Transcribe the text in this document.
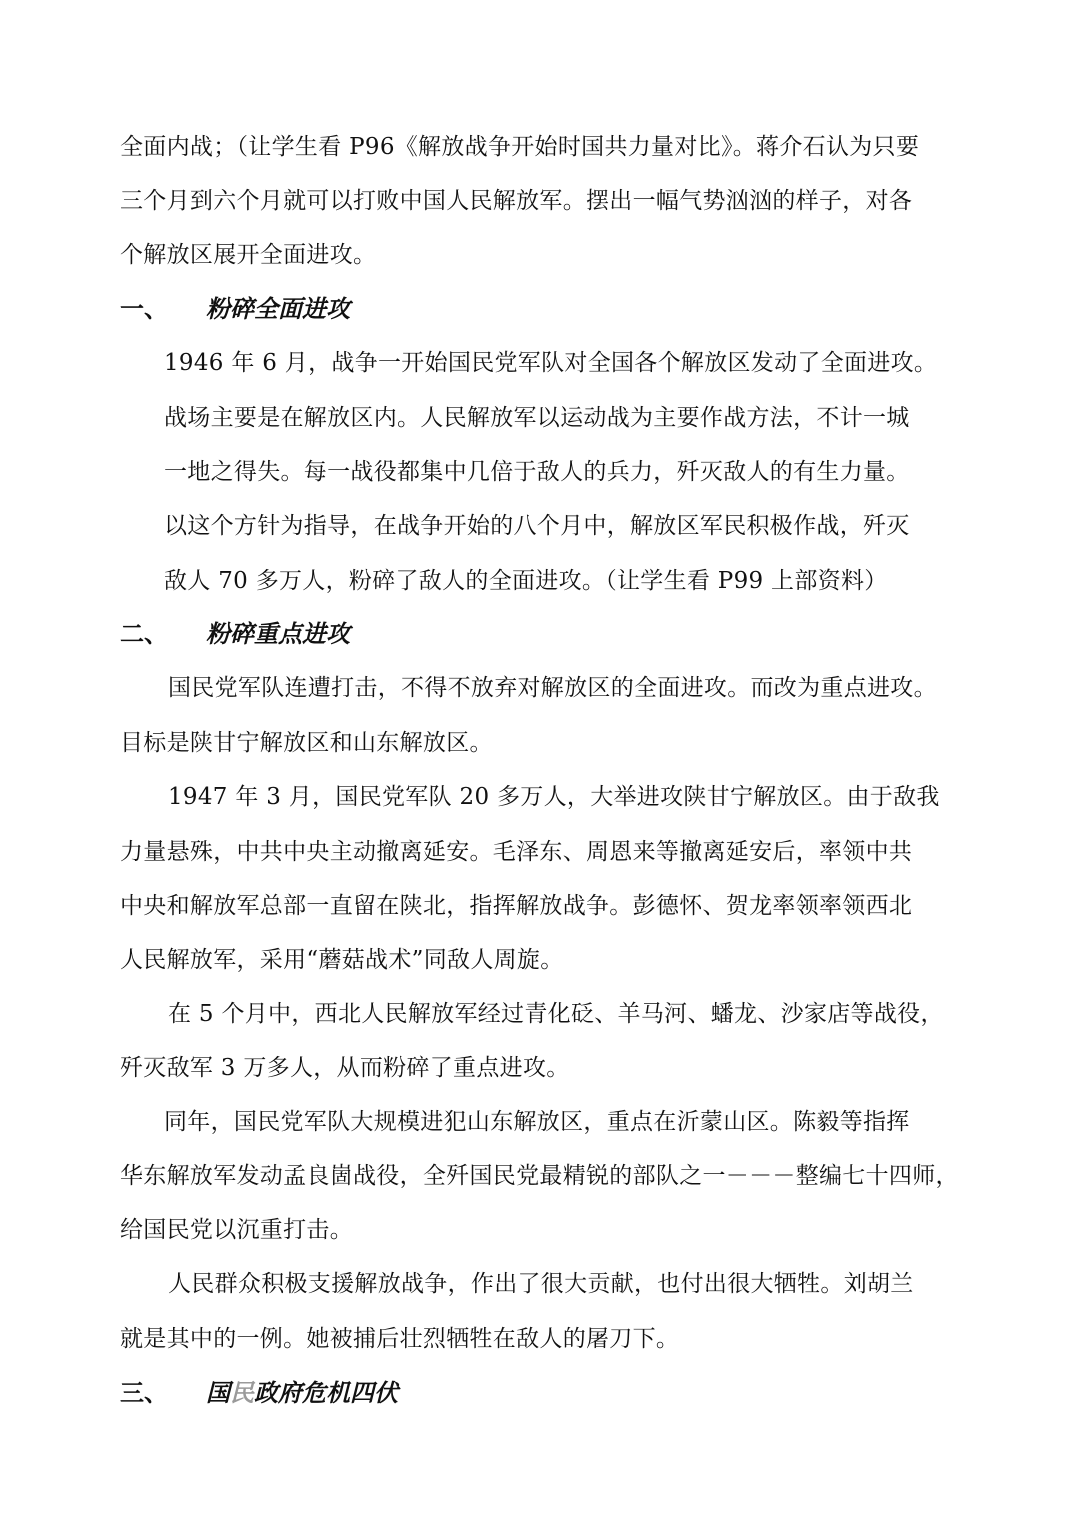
全面内战；（让学生看 P96《解放战争开始时国共力量对比》。蒋介石认为只要
三个月到六个月就可以打败中国人民解放军。摆出一幅气势汹汹的样子，对各
个解放区展开全面进攻。
一、 粉碎全面进攻
1946 年 6 月，战争一开始国民党军队对全国各个解放区发动了全面进攻。
战场主要是在解放区内。人民解放军以运动战为主要作战方法，不计一城
一地之得失。每一战役都集中几倍于敌人的兵力，歼灭敌人的有生力量。
以这个方针为指导，在战争开始的八个月中，解放区军民积极作战，歼灭
敌人 70 多万人，粉碎了敌人的全面进攻。（让学生看 P99 上部资料）
二、 粉碎重点进攻
国民党军队连遭打击，不得不放弃对解放区的全面进攻。而改为重点进攻。
目标是陕甘宁解放区和山东解放区。
1947 年 3 月，国民党军队 20 多万人，大举进攻陕甘宁解放区。由于敌我
力量悬殊，中共中央主动撤离延安。毛泽东、周恩来等撤离延安后，率领中共
中央和解放军总部一直留在陕北，指挥解放战争。彭德怀、贺龙率领率领西北
人民解放军，采用“蘑菇战术”同敌人周旋。
在 5 个月中，西北人民解放军经过青化砭、羊马河、蟠龙、沙家店等战役，
歼灭敌军 3 万多人，从而粉碎了重点进攻。
同年，国民党军队大规模进犯山东解放区，重点在沂蒙山区。陈毅等指挥
华东解放军发动孟良崮战役，全歼国民党最精锐的部队之一－－－整编七十四师，
给国民党以沉重打击。
人民群众积极支援解放战争，作出了很大贡献，也付出很大牺牲。刘胡兰
就是其中的一例。她被捕后壮烈牺牲在敌人的屠刀下。
三、 国民政府危机四伏
